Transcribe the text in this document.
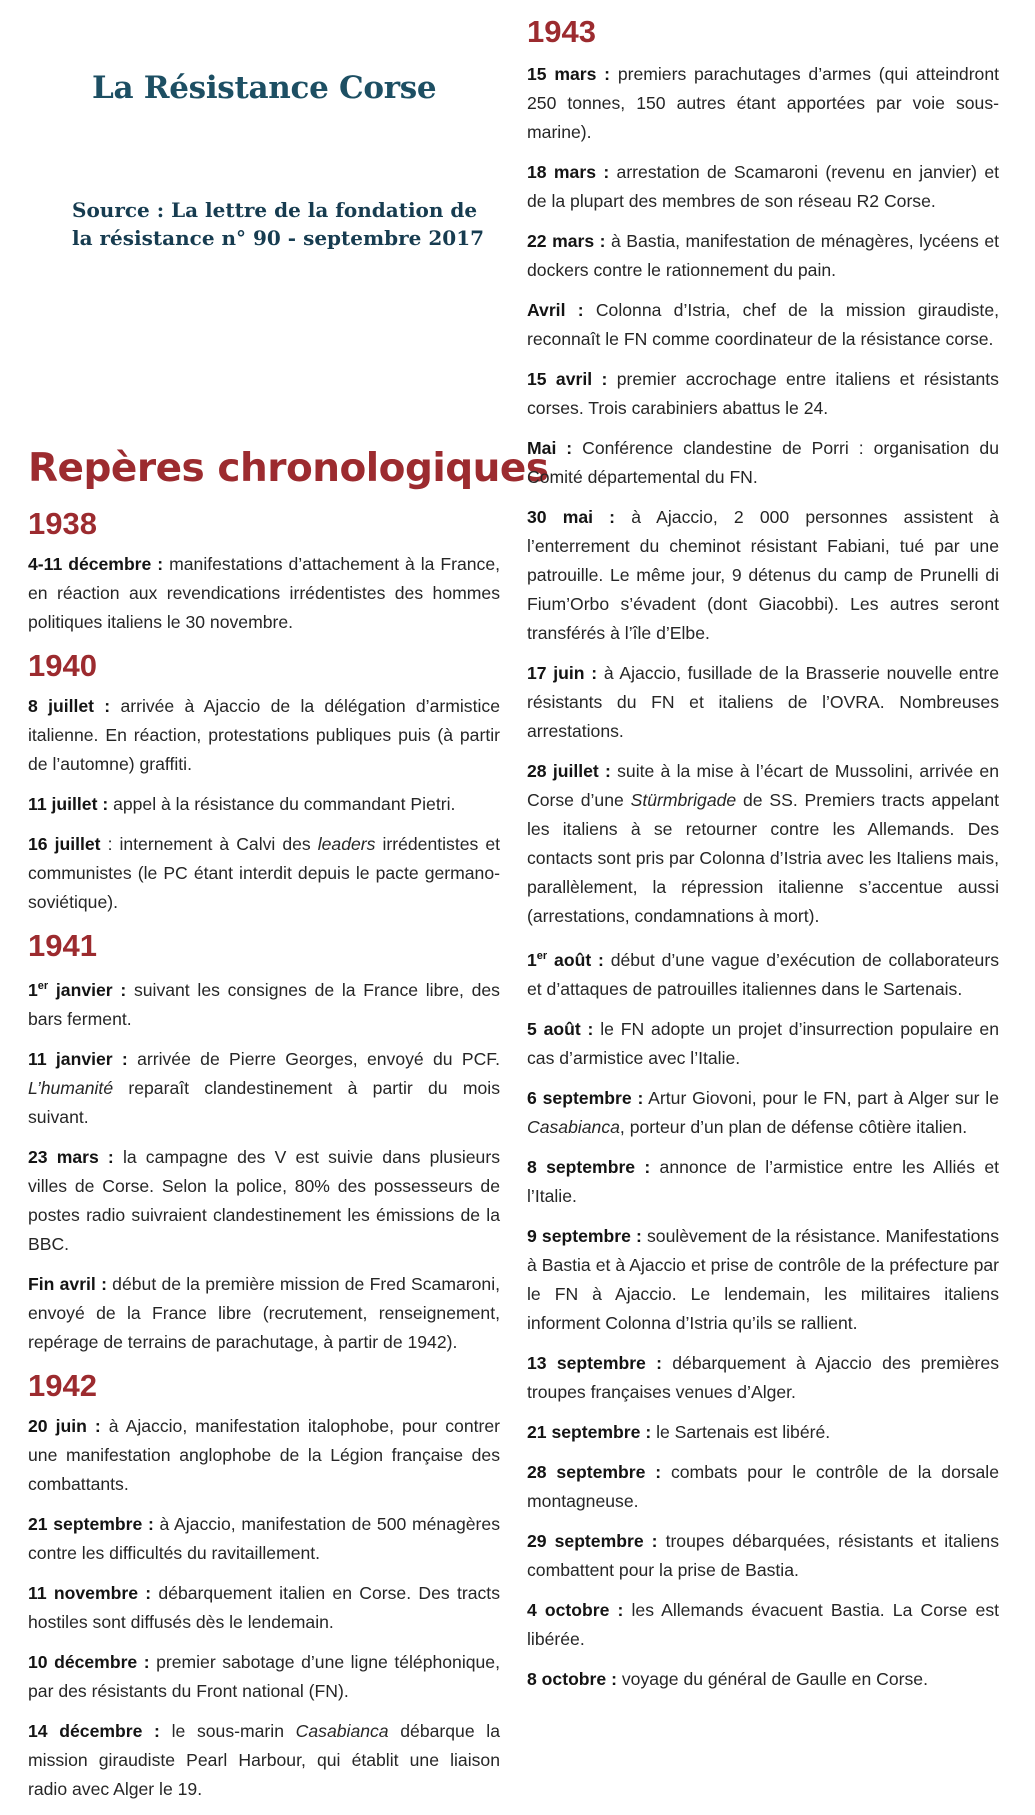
La Résistance Corse
Source : La lettre de la fondation de
la résistance n° 90 - septembre 2017
Repères chronologiques
1938

4-11 décembre : manifestations d’attachement à la France, en réaction aux revendications irrédentistes des hommes politiques italiens le 30 novembre.

1940

8 juillet : arrivée à Ajaccio de la délégation d’armistice italienne. En réaction, protestations publiques puis (à partir de l’automne) graffiti.

11 juillet : appel à la résistance du commandant Pietri.

16 juillet : internement à Calvi des leaders irrédentistes et communistes (le PC étant interdit depuis le pacte germano-soviétique).

1941

1er janvier : suivant les consignes de la France libre, des bars ferment.

11 janvier : arrivée de Pierre Georges, envoyé du PCF. L’humanité reparaît clandestinement à partir du mois suivant.

23 mars : la campagne des V est suivie dans plusieurs villes de Corse. Selon la police, 80% des possesseurs de postes radio suivraient clandestinement les émissions de la BBC.

Fin avril : début de la première mission de Fred Scamaroni, envoyé de la France libre (recrutement, renseignement, repérage de terrains de parachutage, à partir de 1942).

1942

20 juin : à Ajaccio, manifestation italophobe, pour contrer une manifestation anglophobe de la Légion française des combattants.

21 septembre : à Ajaccio, manifestation de 500 ménagères contre les difficultés du ravitaillement.

11 novembre : débarquement italien en Corse. Des tracts hostiles sont diffusés dès le lendemain.

10 décembre : premier sabotage d’une ligne téléphonique, par des résistants du Front national (FN).

14 décembre : le sous-marin Casabianca débarque la mission giraudiste Pearl Harbour, qui établit une liaison radio avec Alger le 19.

1943

15 mars : premiers parachutages d’armes (qui atteindront 250 tonnes, 150 autres étant apportées par voie sous-marine).

18 mars : arrestation de Scamaroni (revenu en janvier) et de la plupart des membres de son réseau R2 Corse.

22 mars : à Bastia, manifestation de ménagères, lycéens et dockers contre le rationnement du pain.

Avril : Colonna d’Istria, chef de la mission giraudiste, reconnaît le FN comme coordinateur de la résistance corse.

15 avril : premier accrochage entre italiens et résistants corses. Trois carabiniers abattus le 24.

Mai : Conférence clandestine de Porri : organisation du Comité départemental du FN.

30 mai : à Ajaccio, 2 000 personnes assistent à l’enterrement du cheminot résistant Fabiani, tué par une patrouille. Le même jour, 9 détenus du camp de Prunelli di Fium’Orbo s’évadent (dont Giacobbi). Les autres seront transférés à l’île d’Elbe.

17 juin : à Ajaccio, fusillade de la Brasserie nouvelle entre résistants du FN et italiens de l’OVRA. Nombreuses arrestations.

28 juillet : suite à la mise à l’écart de Mussolini, arrivée en Corse d’une Stürmbrigade de SS. Premiers tracts appelant les italiens à se retourner contre les Allemands. Des contacts sont pris par Colonna d’Istria avec les Italiens mais, parallèlement, la répression italienne s’accentue aussi (arrestations, condamnations à mort).

1er août : début d’une vague d’exécution de collaborateurs et d’attaques de patrouilles italiennes dans le Sartenais.

5 août : le FN adopte un projet d’insurrection populaire en cas d’armistice avec l’Italie.

6 septembre : Artur Giovoni, pour le FN, part à Alger sur le Casabianca, porteur d’un plan de défense côtière italien.

8 septembre : annonce de l’armistice entre les Alliés et l’Italie.

9 septembre : soulèvement de la résistance. Manifestations à Bastia et à Ajaccio et prise de contrôle de la préfecture par le FN à Ajaccio. Le lendemain, les militaires italiens informent Colonna d’Istria qu’ils se rallient.

13 septembre : débarquement à Ajaccio des premières troupes françaises venues d’Alger.

21 septembre : le Sartenais est libéré.

28 septembre : combats pour le contrôle de la dorsale montagneuse.

29 septembre : troupes débarquées, résistants et italiens combattent pour la prise de Bastia.

4 octobre : les Allemands évacuent Bastia. La Corse est libérée.

8 octobre : voyage du général de Gaulle en Corse.
